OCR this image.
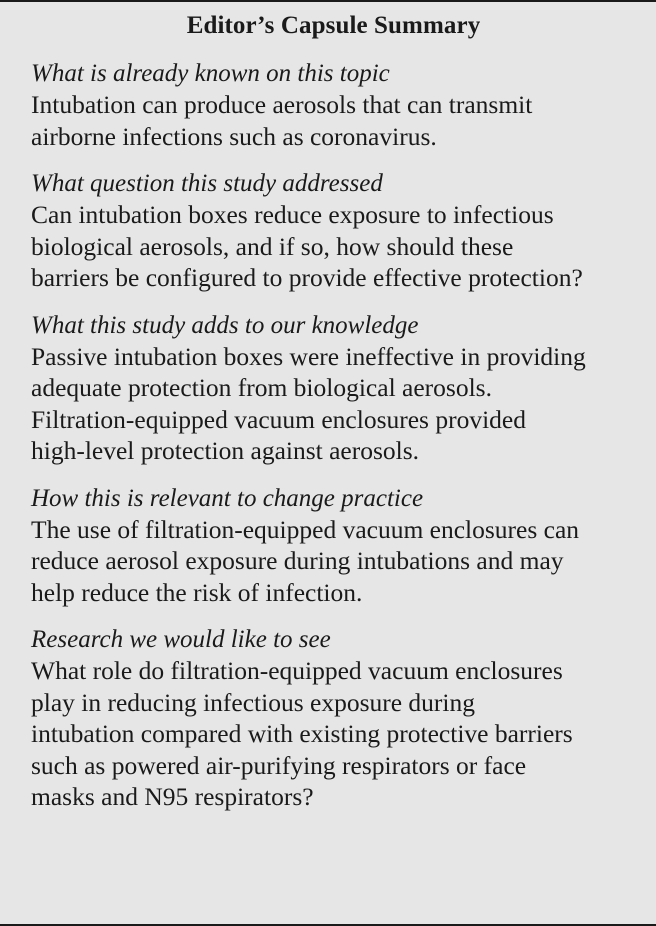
Editor’s Capsule Summary
What is already known on this topic
Intubation can produce aerosols that can transmit
airborne infections such as coronavirus.
What question this study addressed
Can intubation boxes reduce exposure to infectious
biological aerosols, and if so, how should these
barriers be configured to provide effective protection?
What this study adds to our knowledge
Passive intubation boxes were ineffective in providing
adequate protection from biological aerosols.
Filtration-equipped vacuum enclosures provided
high-level protection against aerosols.
How this is relevant to change practice
The use of filtration-equipped vacuum enclosures can
reduce aerosol exposure during intubations and may
help reduce the risk of infection.
Research we would like to see
What role do filtration-equipped vacuum enclosures
play in reducing infectious exposure during
intubation compared with existing protective barriers
such as powered air-purifying respirators or face
masks and N95 respirators?
